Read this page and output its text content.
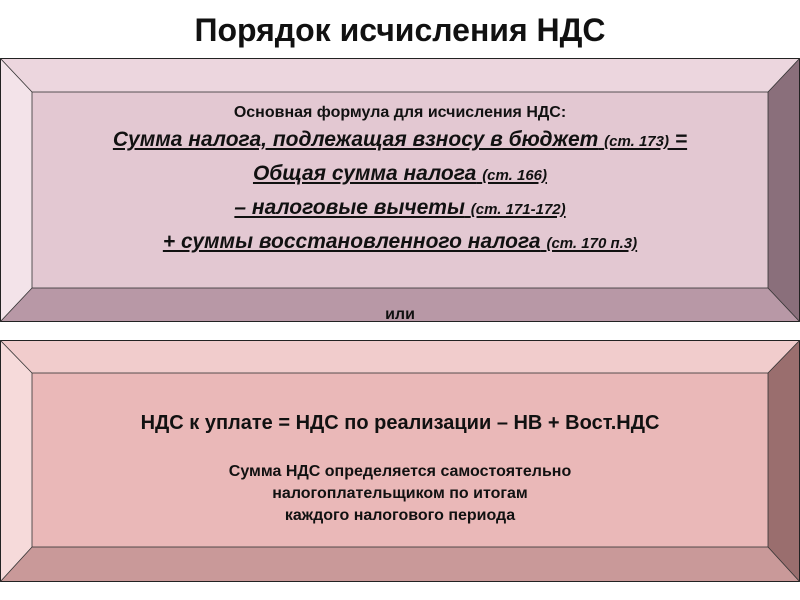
Порядок исчисления НДС
Основная формула для исчисления НДС:
Сумма налога, подлежащая взносу в бюджет (ст. 173) =
Общая сумма налога (ст. 166)
– налоговые вычеты (ст. 171-172)
+ суммы восстановленного налога (ст. 170 п.3)
или
НДС к уплате = НДС по реализации – НВ + Вост.НДС
Сумма НДС определяется самостоятельно
налогоплательщиком по итогам
каждого налогового периода
